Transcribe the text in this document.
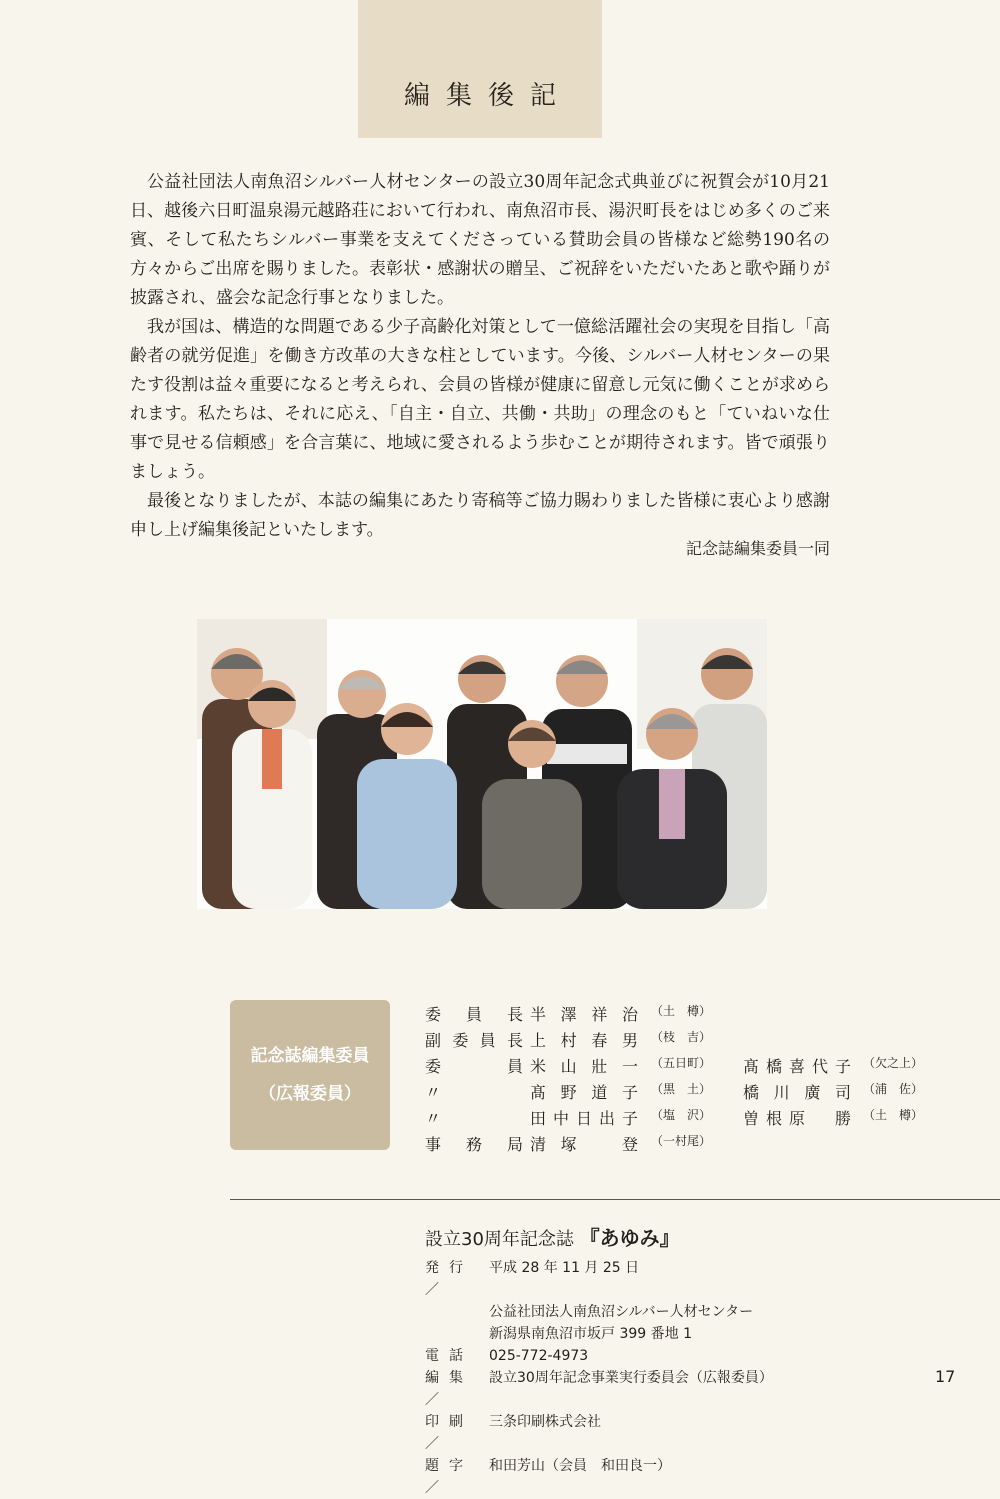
編集後記

公益社団法人南魚沼シルバー人材センターの設立30周年記念式典並びに祝賀会が10月21日、越後六日町温泉湯元越路荘において行われ、南魚沼市長、湯沢町長をはじめ多くのご来賓、そして私たちシルバー事業を支えてくださっている賛助会員の皆様など総勢190名の方々からご出席を賜りました。表彰状・感謝状の贈呈、ご祝辞をいただいたあと歌や踊りが披露され、盛会な記念行事となりました。

我が国は、構造的な問題である少子高齢化対策として一億総活躍社会の実現を目指し「高齢者の就労促進」を働き方改革の大きな柱としています。今後、シルバー人材センターの果たす役割は益々重要になると考えられ、会員の皆様が健康に留意し元気に働くことが求められます。私たちは、それに応え、「自主・自立、共働・共助」の理念のもと「ていねいな仕事で見せる信頼感」を合言葉に、地域に愛されるよう歩むことが期待されます。皆で頑張りましょう。

最後となりましたが、本誌の編集にあたり寄稿等ご協力賜わりました皆様に衷心より感謝申し上げ編集後記といたします。

記念誌編集委員一同
記念誌編集委員
（広報委員）
委員長 半澤祥治 （土　樽）
副委員長 上村春男 （枝　吉）
委　員 米山壯一 （五日町） 髙橋喜代子 （欠之上）
〃	髙野道子 （黒　土） 橋川廣司 （浦　佐）
〃	田中日出子 （塩　沢） 曽根原　勝 （土　樽）
事務局 清塚　登 （一村尾）
設立30周年記念誌 『あゆみ』
発行／
平成 28 年 11 月 25 日
公益社団法人南魚沼シルバー人材センター
新潟県南魚沼市坂戸 399 番地 1
電話	025-772-4973
編集／
設立30周年記念事業実行委員会（広報委員）
印刷／
三条印刷株式会社
題字／
和田芳山（会員　和田良一）
17
